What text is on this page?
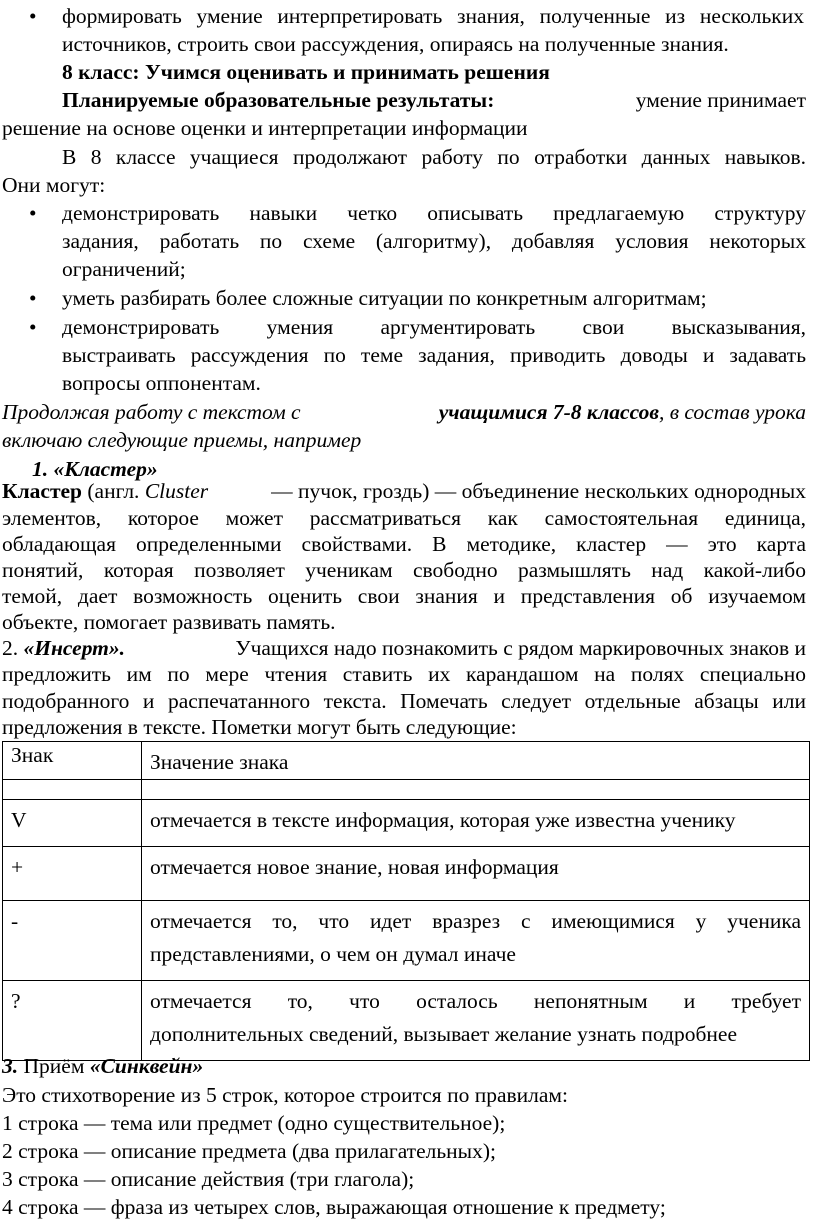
• формировать умение интерпретировать знания, полученные из нескольких
источников, строить свои рассуждения, опираясь на полученные знания.
8 класс: Учимся оценивать и принимать решения
Планируемые образовательные результаты:	умение принимает
решение на основе оценки и интерпретации информации
В 8 классе учащиеся продолжают работу по отработки данных навыков.
Они могут:
• демонстрировать навыки четко описывать предлагаемую структуру
задания, работать по схеме (алгоритму), добавляя условия некоторых
ограничений;
• уметь разбирать более сложные ситуации по конкретным алгоритмам;
• демонстрировать умения аргументировать свои высказывания,
выстраивать рассуждения по теме задания, приводить доводы и задавать
вопросы оппонентам.
Продолжая работу с текстом с	учащимися 7-8 классов, в состав урока
включаю следующие приемы, например
1. «Кластер»
Кластер (англ. Cluster	— пучок, гроздь) — объединение нескольких однородных
элементов, которое может рассматриваться как самостоятельная единица,
обладающая определенными свойствами. В методике, кластер — это карта
понятий, которая позволяет ученикам свободно размышлять над какой-либо
темой, дает возможность оценить свои знания и представления об изучаемом
объекте, помогает развивать память.
2. «Инсерт».	Учащихся надо познакомить с рядом маркировочных знаков и
предложить им по мере чтения ставить их карандашом на полях специально
подобранного и распечатанного текста. Помечать следует отдельные абзацы или
Знак	Значение знака

V	отмечается в тексте информация, которая уже известна ученику
+	отмечается новое знание, новая информация
-	отмечается то, что идет вразрез с имеющимися у ученика
представлениями, о чем он думал иначе

?	отмечается то, что осталось непонятным и требует
дополнительных сведений, вызывает желание узнать подробнее
3. Приём «Синквейн»
Это стихотворение из 5 строк, которое строится по правилам:
1 строка — тема или предмет (одно существительное);
2 строка — описание предмета (два прилагательных);
3 строка — описание действия (три глагола);
4 строка — фраза из четырех слов, выражающая отношение к предмету;
предложения в тексте. Пометки могут быть следующие:
